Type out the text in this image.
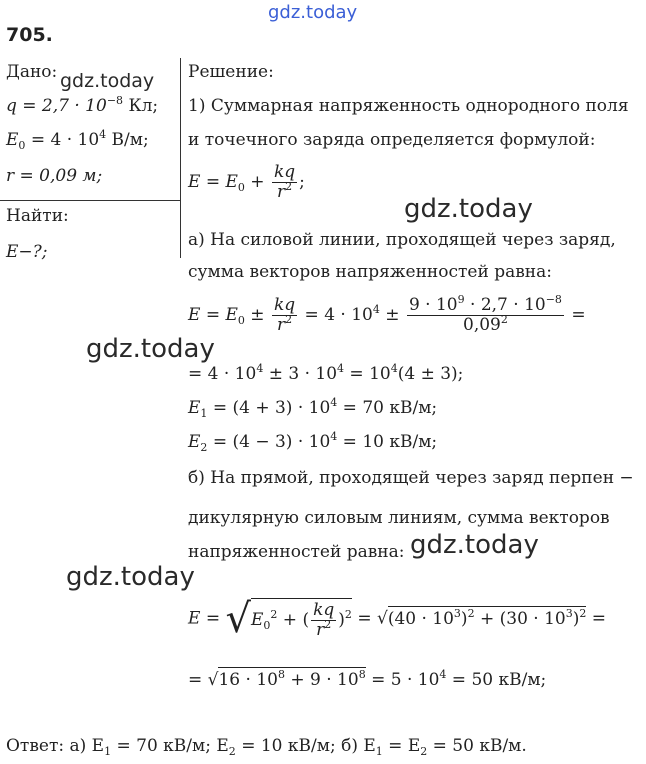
gdz.today
705.
Дано: gdz.today
$q = 2,7 \cdot 10^{-8}$ Кл;
$E_0 = 4 \cdot 10^4$ В/м;
r = 0,09 м;
Найти:
E−?;
Решение:
1) Суммарная напряженность однородного поля
и точечного заряда определяется формулой:
$E = E_0 + \frac{kq}{r^2}$ ;
gdz.today
а) На силовой линии, проходящей через заряд,
сумма векторов напряженностей равна:
$E = E_0 \pm \frac{kq}{r^2} = 4 \cdot 10^4 \pm \frac{9 \cdot 10^9 \cdot 2,7 \cdot 10^{-8}}{0,09^2}$ =
gdz.today
= $4 \cdot 10^4 \pm 3 \cdot 10^4 = 10^4(4 \pm 3)$;
$E_1 = (4 + 3) \cdot 10^4 = 70$ кВ/м;
$E_2 = (4 - 3) \cdot 10^4 = 10$ кВ/м;
б) На прямой, проходящей через заряд перпен −
дикулярную силовым линиям, сумма векторов
напряженностей равна: gdz.today
gdz.today
$E = √E_0^2$ + ( $\frac{kq}{r^2} )^2 = √(40 \cdot 10^3)^2 + (30 \cdot 10^3)^2$ =
= $√16 \cdot 10^8 + 9 \cdot 10^8 = 5 \cdot 10^4 = 50$ кВ/м;
Ответ: а) $E_1 = 70$ кВ/м; $E_2 = 10$ кВ/м; б) $E_1 = E_2 = 50$ кВ/м.
